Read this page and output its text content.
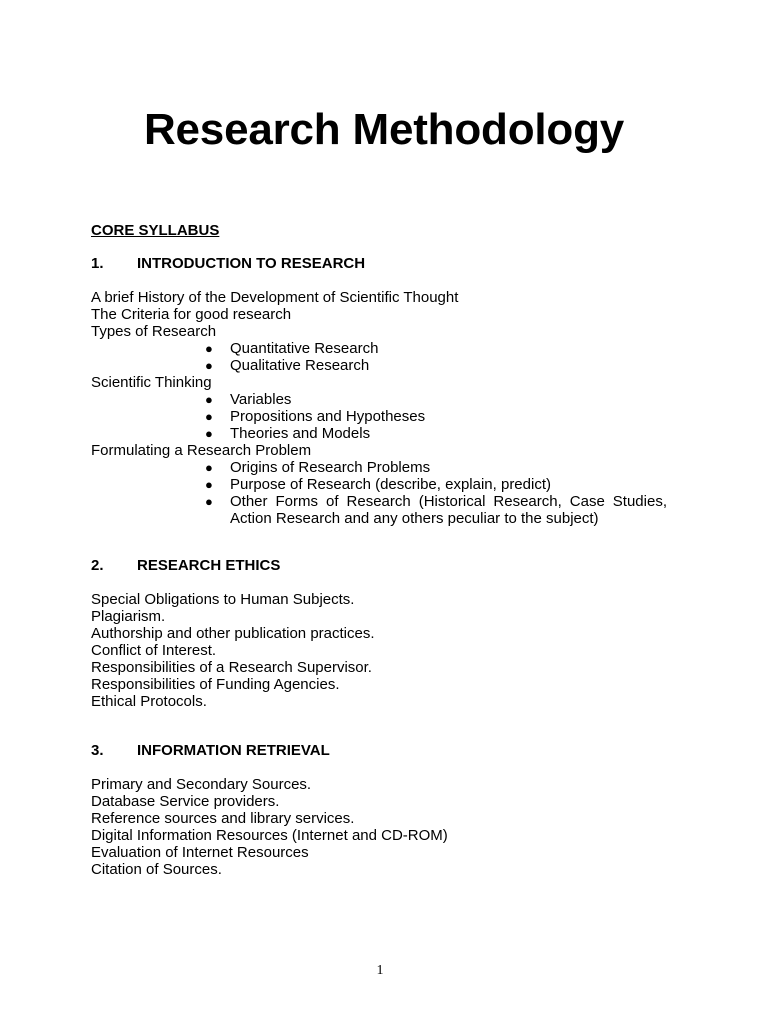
Research Methodology
CORE SYLLABUS
1. INTRODUCTION TO RESEARCH
A brief History of the Development of Scientific Thought
The Criteria for good research
Types of Research
● Quantitative Research
● Qualitative Research
Scientific Thinking
● Variables
● Propositions and Hypotheses
● Theories and Models
Formulating a Research Problem
● Origins of Research Problems
● Purpose of Research (describe, explain, predict)
● Other Forms of Research (Historical Research, Case Studies, Action Research and any others peculiar to the subject)
2. RESEARCH ETHICS
Special Obligations to Human Subjects.
Plagiarism.
Authorship and other publication practices.
Conflict of Interest.
Responsibilities of a Research Supervisor.
Responsibilities of Funding Agencies.
Ethical Protocols.
3. INFORMATION RETRIEVAL
Primary and Secondary Sources.
Database Service providers.
Reference sources and library services.
Digital Information Resources (Internet and CD-ROM)
Evaluation of Internet Resources
Citation of Sources.
1
